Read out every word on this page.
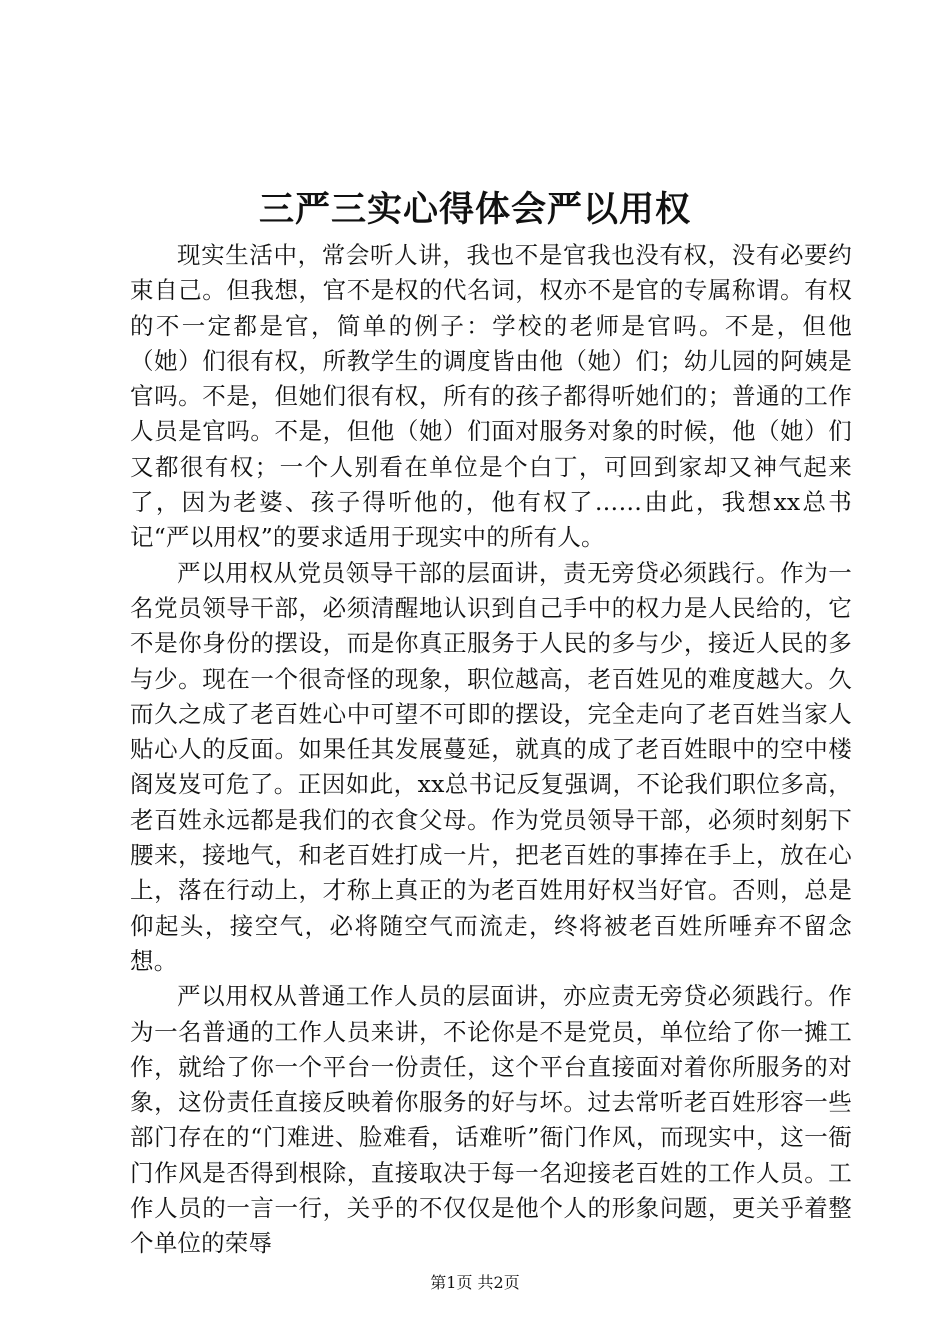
三严三实心得体会严以用权

现实生活中，常会听人讲，我也不是官我也没有权，没有必要约束自己。但我想，官不是权的代名词，权亦不是官的专属称谓。有权的不一定都是官，简单的例子：学校的老师是官吗。不是，但他（她）们很有权，所教学生的调度皆由他（她）们；幼儿园的阿姨是官吗。不是，但她们很有权，所有的孩子都得听她们的；普通的工作人员是官吗。不是，但他（她）们面对服务对象的时候，他（她）们又都很有权；一个人别看在单位是个白丁，可回到家却又神气起来了，因为老婆、孩子得听他的，他有权了……由此，我想xx总书记“严以用权”的要求适用于现实中的所有人。

严以用权从党员领导干部的层面讲，责无旁贷必须践行。作为一名党员领导干部，必须清醒地认识到自己手中的权力是人民给的，它不是你身份的摆设，而是你真正服务于人民的多与少，接近人民的多与少。现在一个很奇怪的现象，职位越高，老百姓见的难度越大。久而久之成了老百姓心中可望不可即的摆设，完全走向了老百姓当家人贴心人的反面。如果任其发展蔓延，就真的成了老百姓眼中的空中楼阁岌岌可危了。正因如此，xx总书记反复强调，不论我们职位多高，老百姓永远都是我们的衣食父母。作为党员领导干部，必须时刻躬下腰来，接地气，和老百姓打成一片，把老百姓的事捧在手上，放在心上，落在行动上，才称上真正的为老百姓用好权当好官。否则，总是仰起头，接空气，必将随空气而流走，终将被老百姓所唾弃不留念想。

严以用权从普通工作人员的层面讲，亦应责无旁贷必须践行。作为一名普通的工作人员来讲，不论你是不是党员，单位给了你一摊工作，就给了你一个平台一份责任，这个平台直接面对着你所服务的对象，这份责任直接反映着你服务的好与坏。过去常听老百姓形容一些部门存在的“门难进、脸难看，话难听”衙门作风，而现实中，这一衙门作风是否得到根除，直接取决于每一名迎接老百姓的工作人员。工作人员的一言一行，关乎的不仅仅是他个人的形象问题，更关乎着整个单位的荣辱

第1页 共2页
